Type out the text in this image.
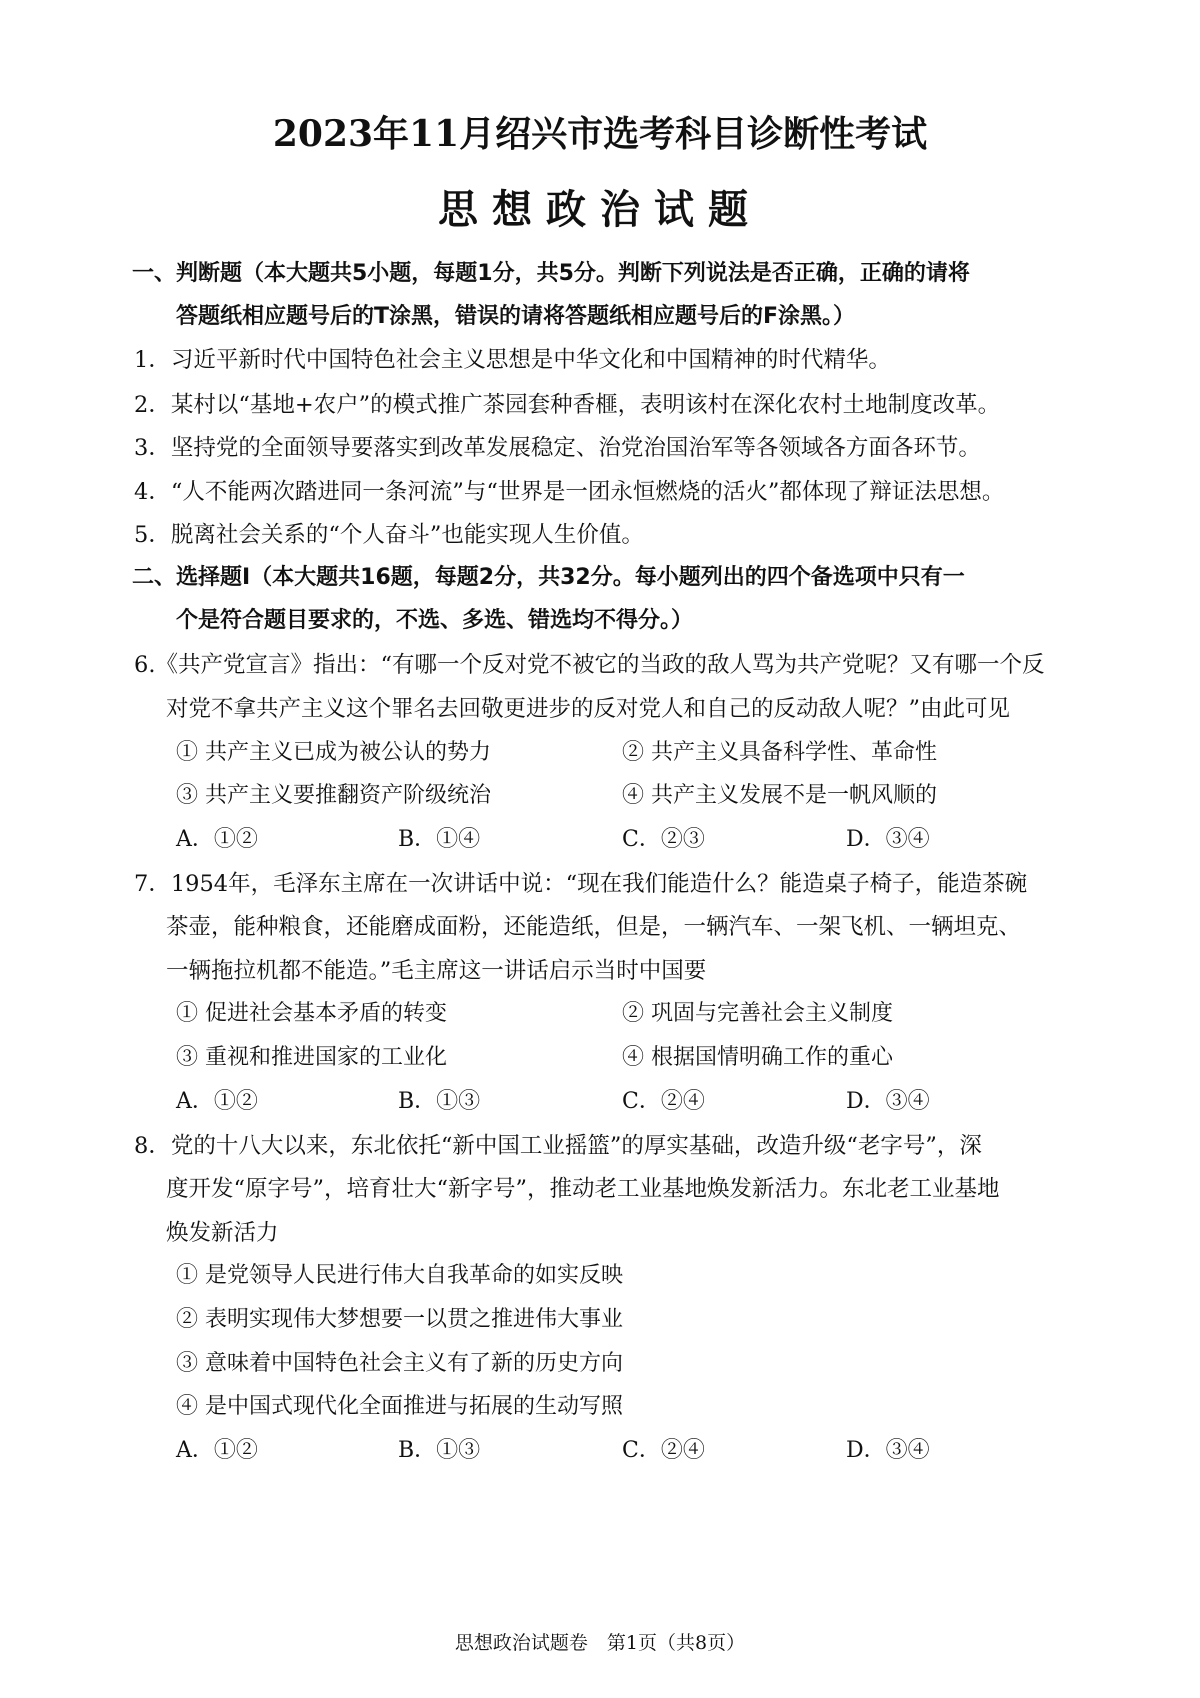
2023年11月绍兴市选考科目诊断性考试
思想政治试题
一、判断题（本大题共5小题，每题1分，共5分。判断下列说法是否正确，正确的请将
答题纸相应题号后的T涂黑，错误的请将答题纸相应题号后的F涂黑。）
1．习近平新时代中国特色社会主义思想是中华文化和中国精神的时代精华。
2．某村以“基地+农户”的模式推广茶园套种香榧，表明该村在深化农村土地制度改革。
3．坚持党的全面领导要落实到改革发展稳定、治党治国治军等各领域各方面各环节。
4．“人不能两次踏进同一条河流”与“世界是一团永恒燃烧的活火”都体现了辩证法思想。
5．脱离社会关系的“个人奋斗”也能实现人生价值。
二、选择题Ⅰ（本大题共16题，每题2分，共32分。每小题列出的四个备选项中只有一
个是符合题目要求的，不选、多选、错选均不得分。）
6.《共产党宣言》指出：“有哪一个反对党不被它的当政的敌人骂为共产党呢？又有哪一个反
对党不拿共产主义这个罪名去回敬更进步的反对党人和自己的反动敌人呢？”由此可见
① 共产主义已成为被公认的势力	② 共产主义具备科学性、革命性
③ 共产主义要推翻资产阶级统治	④ 共产主义发展不是一帆风顺的
A．①②	B．①④	C．②③	D．③④
7．1954年，毛泽东主席在一次讲话中说：“现在我们能造什么？能造桌子椅子，能造茶碗
茶壶，能种粮食，还能磨成面粉，还能造纸，但是，一辆汽车、一架飞机、一辆坦克、
一辆拖拉机都不能造。”毛主席这一讲话启示当时中国要
① 促进社会基本矛盾的转变	② 巩固与完善社会主义制度
③ 重视和推进国家的工业化	④ 根据国情明确工作的重心
A．①②	B．①③	C．②④	D．③④
8．党的十八大以来，东北依托“新中国工业摇篮”的厚实基础，改造升级“老字号”，深
度开发“原字号”，培育壮大“新字号”，推动老工业基地焕发新活力。东北老工业基地
焕发新活力
① 是党领导人民进行伟大自我革命的如实反映
② 表明实现伟大梦想要一以贯之推进伟大事业
③ 意味着中国特色社会主义有了新的历史方向
④ 是中国式现代化全面推进与拓展的生动写照
A．①②	B．①③	C．②④	D．③④
思想政治试题卷　第1页（共8页）
